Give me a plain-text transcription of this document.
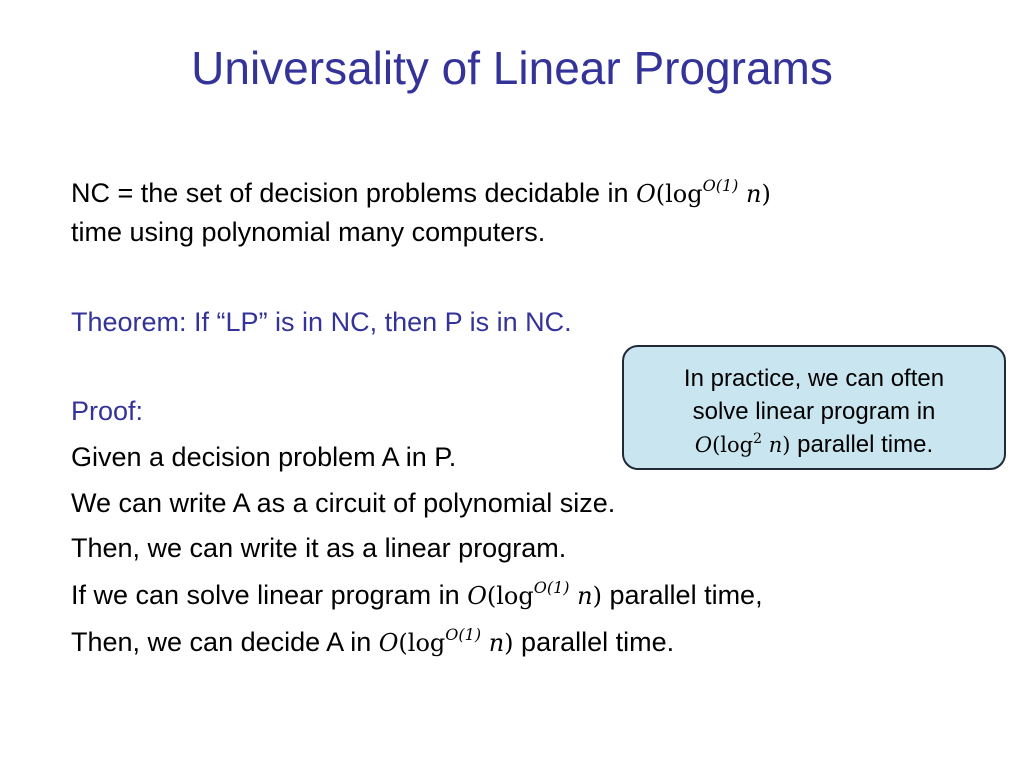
Universality of Linear Programs
NC = the set of decision problems decidable in $O(\log^{O(1)}$ n)
time using polynomial many computers.
Theorem: If “LP” is in NC, then P is in NC.
Proof:
Given a decision problem A in P.
We can write A as a circuit of polynomial size.
Then, we can write it as a linear program.
If we can solve linear program in $O(\log^{O(1)}$ n) parallel time,
Then, we can decide A in $O(\log^{O(1)}$ n) parallel time.
In practice, we can often
solve linear program in
$O(\log^2$ n) parallel time.
